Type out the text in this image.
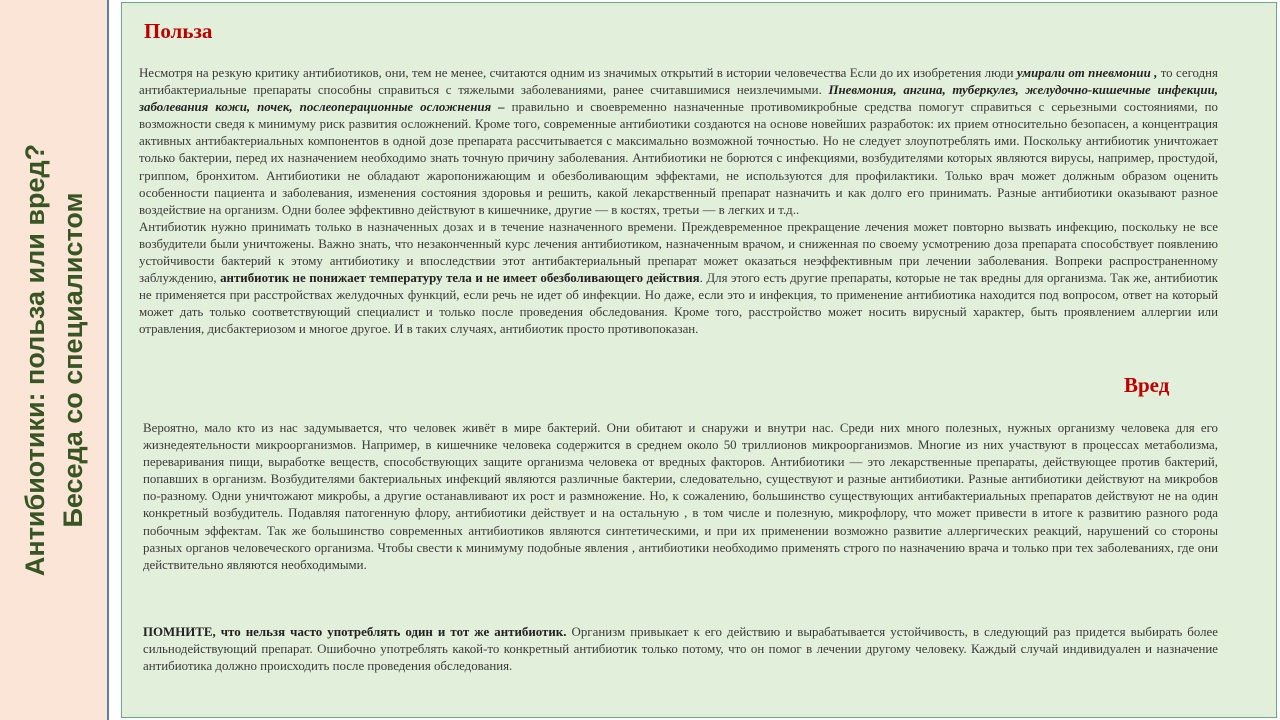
Антибиотики: польза или вред? Беседа со специалистом
Польза

Несмотря на резкую критику антибиотиков, они, тем не менее, считаются одним из значимых открытий в истории человечества Если до их изобретения люди умирали от пневмонии , то сегодня антибактериальные препараты способны справиться с тяжелыми заболеваниями, ранее считавшимися неизлечимыми. Пневмония, ангина, туберкулез, желудочно-кишечные инфекции, заболевания кожи, почек, послеоперационные осложнения – правильно и своевременно назначенные противомикробные средства помогут справиться с серьезными состояниями, по возможности сведя к минимуму риск развития осложнений. Кроме того, современные антибиотики создаются на основе новейших разработок: их прием относительно безопасен, а концентрация активных антибактериальных компонентов в одной дозе препарата рассчитывается с максимально возможной точностью. Но не следует злоупотреблять ими. Поскольку антибиотик уничтожает только бактерии, перед их назначением необходимо знать точную причину заболевания. Антибиотики не борются с инфекциями, возбудителями которых являются вирусы, например, простудой, гриппом, бронхитом. Антибиотики не обладают жаропонижающим и обезболивающим эффектами, не используются для профилактики. Только врач может должным образом оценить особенности пациента и заболевания, изменения состояния здоровья и решить, какой лекарственный препарат назначить и как долго его принимать. Разные антибиотики оказывают разное воздействие на организм. Одни более эффективно действуют в кишечнике, другие — в костях, третьи — в легких и т.д..
Антибиотик нужно принимать только в назначенных дозах и в течение назначенного времени. Преждевременное прекращение лечения может повторно вызвать инфекцию, поскольку не все возбудители были уничтожены. Важно знать, что незаконченный курс лечения антибиотиком, назначенным врачом, и сниженная по своему усмотрению доза препарата способствует появлению устойчивости бактерий к этому антибиотику и впоследствии этот антибактериальный препарат может оказаться неэффективным при лечении заболевания. Вопреки распространенному заблуждению, антибиотик не понижает температуру тела и не имеет обезболивающего действия. Для этого есть другие препараты, которые не так вредны для организма. Так же, антибиотик не применяется при расстройствах желудочных функций, если речь не идет об инфекции. Но даже, если это и инфекция, то применение антибиотика находится под вопросом, ответ на который может дать только соответствующий специалист и только после проведения обследования. Кроме того, расстройство может носить вирусный характер, быть проявлением аллергии или отравления, дисбактериозом и многое другое. И в таких случаях, антибиотик просто противопоказан.

Вред

Вероятно, мало кто из нас задумывается, что человек живёт в мире бактерий. Они обитают и снаружи и внутри нас. Среди них много полезных, нужных организму человека для его жизнедеятельности микроорганизмов. Например, в кишечнике человека содержится в среднем около 50 триллионов микроорганизмов. Многие из них участвуют в процессах метаболизма, переваривания пищи, выработке веществ, способствующих защите организма человека от вредных факторов. Антибиотики — это лекарственные препараты, действующее против бактерий, попавших в организм. Возбудителями бактериальных инфекций являются различные бактерии, следовательно, существуют и разные антибиотики. Разные антибиотики действуют на микробов по-разному. Одни уничтожают микробы, а другие останавливают их рост и размножение. Но, к сожалению, большинство существующих антибактериальных препаратов действуют не на один конкретный возбудитель. Подавляя патогенную флору, антибиотики действует и на остальную , в том числе и полезную, микрофлору, что может привести в итоге к развитию разного рода побочным эффектам. Так же большинство современных антибиотиков являются синтетическими, и при их применении возможно развитие аллергических реакций, нарушений со стороны разных органов человеческого организма. Чтобы свести к минимуму подобные явления , антибиотики необходимо применять строго по назначению врача и только при тех заболеваниях, где они действительно являются необходимыми.

ПОМНИТЕ, что нельзя часто употреблять один и тот же антибиотик. Организм привыкает к его действию и вырабатывается устойчивость, в следующий раз придется выбирать более сильнодействующий препарат. Ошибочно употреблять какой-то конкретный антибиотик только потому, что он помог в лечении другому человеку. Каждый случай индивидуален и назначение антибиотика должно происходить после проведения обследования.
